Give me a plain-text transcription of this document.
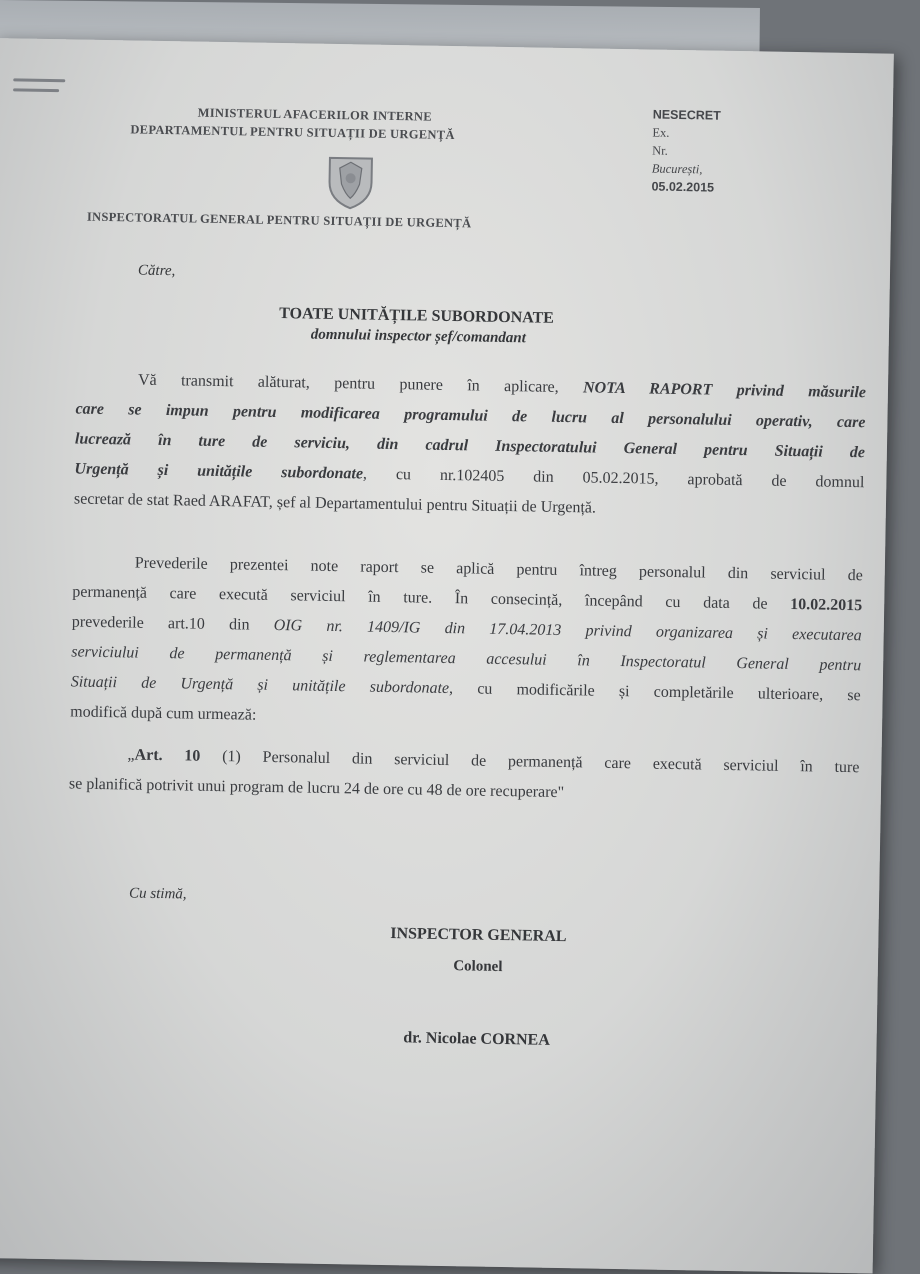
MINISTERUL AFACERILOR INTERNE
DEPARTAMENTUL PENTRU SITUAȚII DE URGENȚĂ
NESECRET
Ex.
Nr.
București,
05.02.2015
INSPECTORATUL GENERAL PENTRU SITUAȚII DE URGENȚĂ
Către,
TOATE UNITĂȚILE SUBORDONATE
domnului inspector șef/comandant
Vă transmit alăturat, pentru punere în aplicare, NOTA RAPORT privind măsurile
care se impun pentru modificarea programului de lucru al personalului operativ, care
lucrează în ture de serviciu, din cadrul Inspectoratului General pentru Situații de
Urgență și unitățile subordonate, cu nr.102405 din 05.02.2015, aprobată de domnul
secretar de stat Raed ARAFAT, șef al Departamentului pentru Situații de Urgență.
Prevederile prezentei note raport se aplică pentru întreg personalul din serviciul de
permanență care execută serviciul în ture. În consecință, începând cu data de 10.02.2015
prevederile art.10 din OIG nr. 1409/IG din 17.04.2013 privind organizarea și executarea
serviciului de permanență și reglementarea accesului în Inspectoratul General pentru
Situații de Urgență și unitățile subordonate, cu modificările și completările ulterioare, se
modifică după cum urmează:
„Art. 10 (1) Personalul din serviciul de permanență care execută serviciul în ture
se planifică potrivit unui program de lucru 24 de ore cu 48 de ore recuperare"
Cu stimă,
INSPECTOR GENERAL
Colonel
dr. Nicolae CORNEA
